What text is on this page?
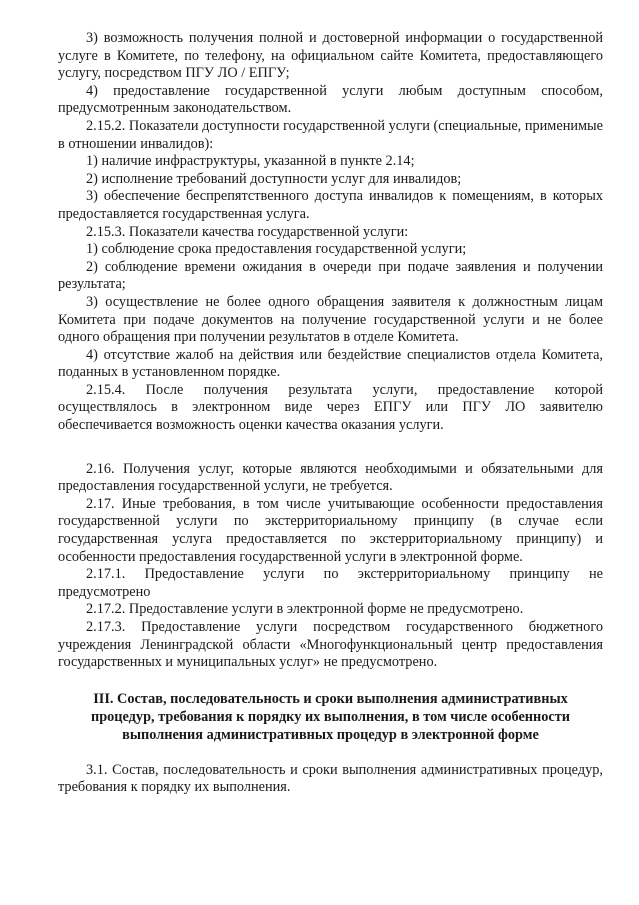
3) возможность получения полной и достоверной информации о государственной услуге в Комитете, по телефону, на официальном сайте Комитета, предоставляющего услугу, посредством ПГУ ЛО / ЕПГУ;

4) предоставление государственной услуги любым доступным способом, предусмотренным законодательством.

2.15.2. Показатели доступности государственной услуги (специальные, применимые в отношении инвалидов):

1) наличие инфраструктуры, указанной в пункте 2.14;

2) исполнение требований доступности услуг для инвалидов;

3) обеспечение беспрепятственного доступа инвалидов к помещениям, в которых предоставляется государственная услуга.

2.15.3. Показатели качества государственной услуги:

1) соблюдение срока предоставления государственной услуги;

2) соблюдение времени ожидания в очереди при подаче заявления и получении результата;

3) осуществление не более одного обращения заявителя к должностным лицам Комитета при подаче документов на получение государственной услуги и не более одного обращения при получении результатов в отделе Комитета.

4) отсутствие жалоб на действия или бездействие специалистов отдела Комитета, поданных в установленном порядке.

2.15.4. После получения результата услуги, предоставление которой осуществлялось в электронном виде через ЕПГУ или ПГУ ЛО заявителю обеспечивается возможность оценки качества оказания услуги.

2.16. Получения услуг, которые являются необходимыми и обязательными для предоставления государственной услуги, не требуется.

2.17. Иные требования, в том числе учитывающие особенности предоставления государственной услуги по экстерриториальному принципу (в случае если государственная услуга предоставляется по экстерриториальному принципу) и особенности предоставления государственной услуги в электронной форме.

2.17.1. Предоставление услуги по экстерриториальному принципу не предусмотрено

2.17.2. Предоставление услуги в электронной форме не предусмотрено.

2.17.3. Предоставление услуги посредством государственного бюджетного учреждения Ленинградской области «Многофункциональный центр предоставления государственных и муниципальных услуг» не предусмотрено.

III. Состав, последовательность и сроки выполнения административных процедур, требования к порядку их выполнения, в том числе особенности выполнения административных процедур в электронной форме

3.1. Состав, последовательность и сроки выполнения административных процедур, требования к порядку их выполнения.
